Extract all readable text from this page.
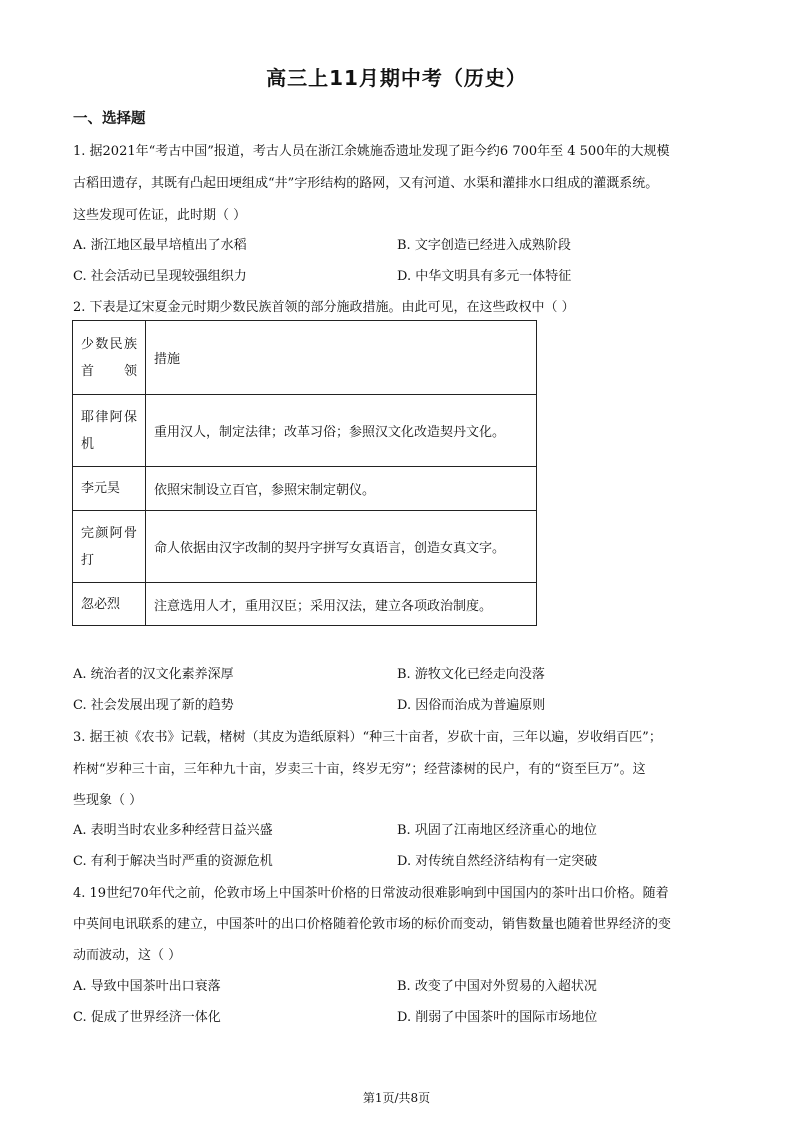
高三上11月期中考（历史）
一、选择题
1. 据2021年“考古中国”报道，考古人员在浙江余姚施岙遗址发现了距今约6 700年至 4 500年的大规模
古稻田遗存，其既有凸起田埂组成“井”字形结构的路网，又有河道、水渠和灌排水口组成的灌溉系统。
这些发现可佐证，此时期（ ）
A. 浙江地区最早培植出了水稻	B. 文字创造已经进入成熟阶段
C. 社会活动已呈现较强组织力	D. 中华文明具有多元一体特征
2. 下表是辽宋夏金元时期少数民族首领的部分施政措施。由此可见，在这些政权中（ ）
少数民族首领	措施
耶律阿保机	重用汉人，制定法律；改革习俗；参照汉文化改造契丹文化。
李元昊	依照宋制设立百官，参照宋制定朝仪。
完颜阿骨打	命人依据由汉字改制的契丹字拼写女真语言，创造女真文字。
忽必烈	注意选用人才，重用汉臣；采用汉法，建立各项政治制度。
A. 统治者的汉文化素养深厚	B. 游牧文化已经走向没落
C. 社会发展出现了新的趋势	D. 因俗而治成为普遍原则
3. 据王祯《农书》记载，楮树（其皮为造纸原料）“种三十亩者，岁砍十亩，三年以遍，岁收绢百匹”；
柞树“岁种三十亩，三年种九十亩，岁卖三十亩，终岁无穷”；经营漆树的民户，有的“资至巨万”。这
些现象（ ）
A. 表明当时农业多种经营日益兴盛	B. 巩固了江南地区经济重心的地位
C. 有利于解决当时严重的资源危机	D. 对传统自然经济结构有一定突破
4. 19世纪70年代之前，伦敦市场上中国茶叶价格的日常波动很难影响到中国国内的茶叶出口价格。随着
中英间电讯联系的建立，中国茶叶的出口价格随着伦敦市场的标价而变动，销售数量也随着世界经济的变
动而波动，这（ ）
A. 导致中国茶叶出口衰落	B. 改变了中国对外贸易的入超状况
C. 促成了世界经济一体化	D. 削弱了中国茶叶的国际市场地位
第1页/共8页
